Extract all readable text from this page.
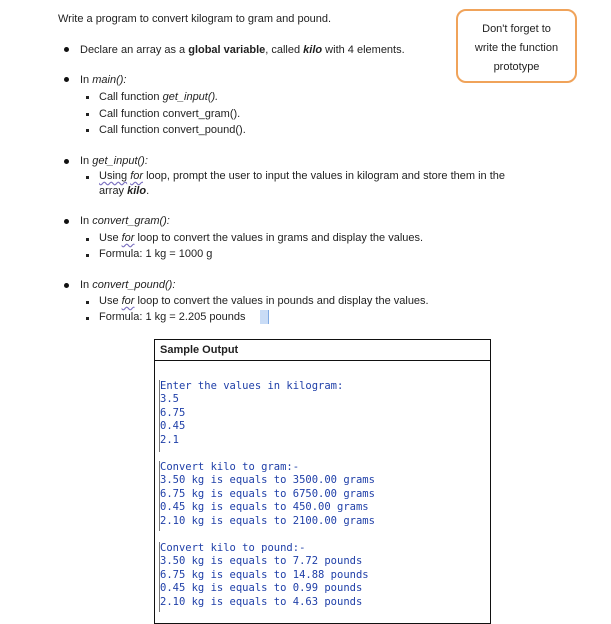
Write a program to convert kilogram to gram and pound.
Declare an array as a global variable, called kilo with 4 elements.
In main():
Call function get_input().
Call function convert_gram().
Call function convert_pound().
In get_input():
Using for loop, prompt the user to input the values in kilogram and store them in the
array kilo.
In convert_gram():
Use for loop to convert the values in grams and display the values.
Formula: 1 kg = 1000 g
In convert_pound():
Use for loop to convert the values in pounds and display the values.
Formula: 1 kg = 2.205 pounds
Don't forget to
write the function
prototype
Sample Output
Enter the values in kilogram:
3.5
6.75
0.45
2.1
Convert kilo to gram:-
3.50 kg is equals to 3500.00 grams
6.75 kg is equals to 6750.00 grams
0.45 kg is equals to 450.00 grams
2.10 kg is equals to 2100.00 grams
Convert kilo to pound:-
3.50 kg is equals to 7.72 pounds
6.75 kg is equals to 14.88 pounds
0.45 kg is equals to 0.99 pounds
2.10 kg is equals to 4.63 pounds
